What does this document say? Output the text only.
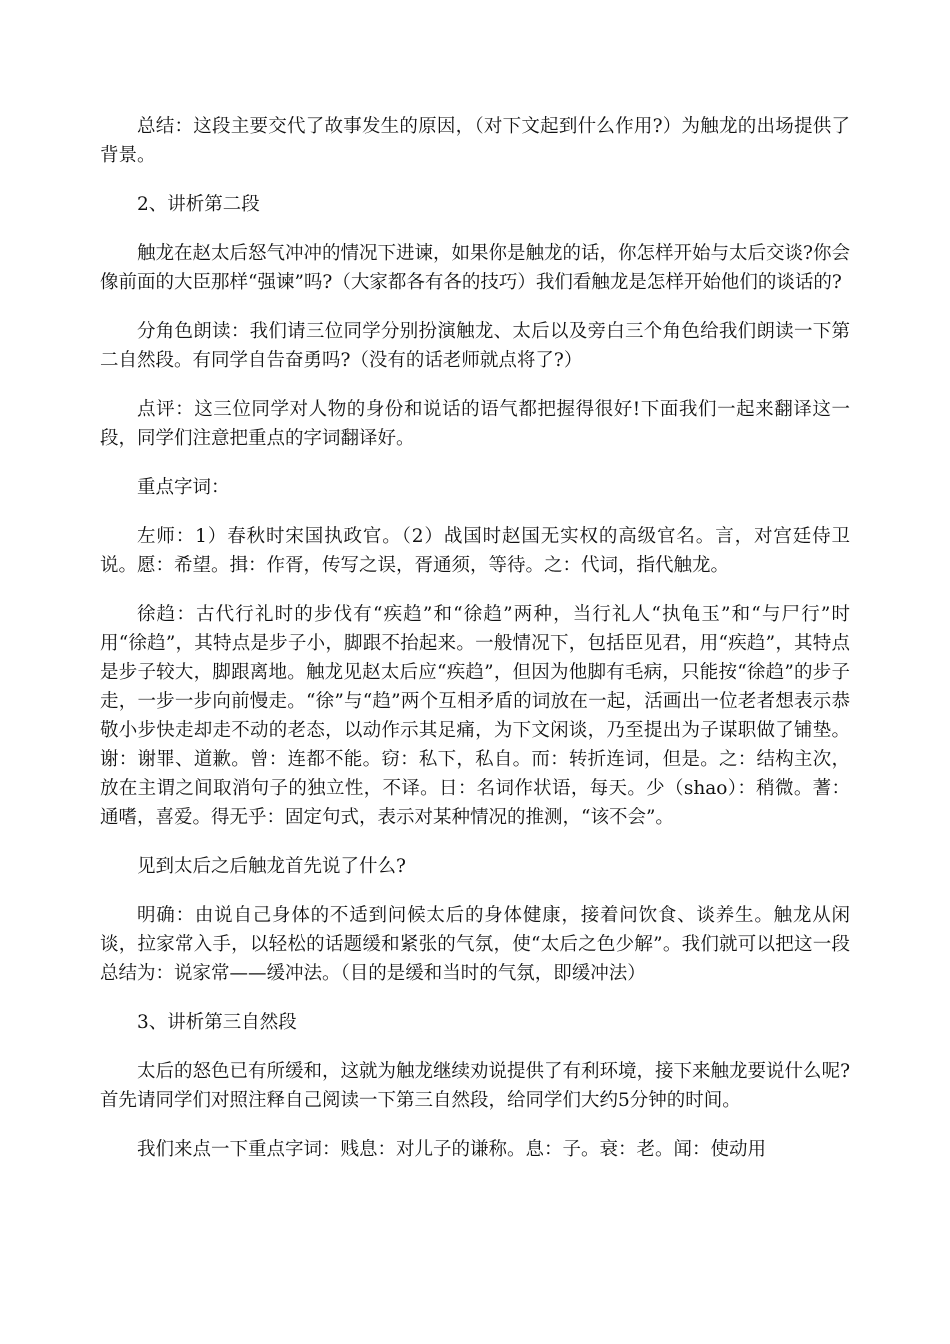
总结：这段主要交代了故事发生的原因，（对下文起到什么作用?）为触龙的出场提供了背景。

2、讲析第二段

触龙在赵太后怒气冲冲的情况下进谏，如果你是触龙的话，你怎样开始与太后交谈?你会像前面的大臣那样“强谏”吗?（大家都各有各的技巧）我们看触龙是怎样开始他们的谈话的?

分角色朗读：我们请三位同学分别扮演触龙、太后以及旁白三个角色给我们朗读一下第二自然段。有同学自告奋勇吗?（没有的话老师就点将了?）

点评：这三位同学对人物的身份和说话的语气都把握得很好!下面我们一起来翻译这一段，同学们注意把重点的字词翻译好。

重点字词：

左师：1）春秋时宋国执政官。（2）战国时赵国无实权的高级官名。言，对宫廷侍卫说。愿：希望。揖：作胥，传写之误，胥通须，等待。之：代词，指代触龙。

徐趋：古代行礼时的步伐有“疾趋”和“徐趋”两种，当行礼人“执龟玉”和“与尸行”时用“徐趋”，其特点是步子小，脚跟不抬起来。一般情况下，包括臣见君，用“疾趋”，其特点是步子较大，脚跟离地。触龙见赵太后应“疾趋”，但因为他脚有毛病，只能按“徐趋”的步子走，一步一步向前慢走。“徐”与“趋”两个互相矛盾的词放在一起，活画出一位老者想表示恭敬小步快走却走不动的老态，以动作示其足痛，为下文闲谈，乃至提出为子谋职做了铺垫。谢：谢罪、道歉。曾：连都不能。窃：私下，私自。而：转折连词，但是。之：结构主次，放在主谓之间取消句子的独立性，不译。日：名词作状语，每天。少（shao）：稍微。蓍：通嗜，喜爱。得无乎：固定句式，表示对某种情况的推测，“该不会”。

见到太后之后触龙首先说了什么?

明确：由说自己身体的不适到问候太后的身体健康，接着问饮食、谈养生。触龙从闲谈，拉家常入手，以轻松的话题缓和紧张的气氛，使“太后之色少解”。我们就可以把这一段总结为：说家常——缓冲法。（目的是缓和当时的气氛，即缓冲法）

3、讲析第三自然段

太后的怒色已有所缓和，这就为触龙继续劝说提供了有利环境，接下来触龙要说什么呢?首先请同学们对照注释自己阅读一下第三自然段，给同学们大约5分钟的时间。

我们来点一下重点字词：贱息：对儿子的谦称。息：子。衰：老。闻：使动用
